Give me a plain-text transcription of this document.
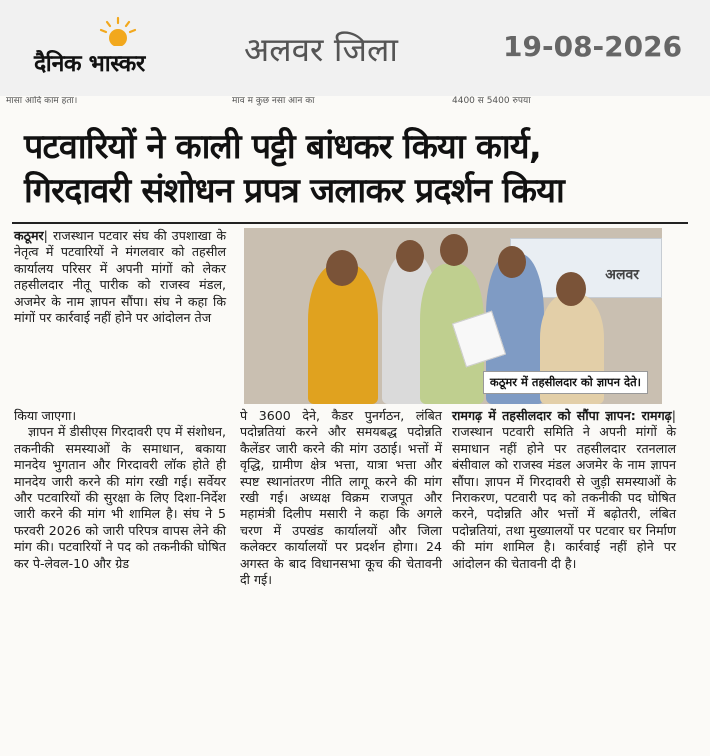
दैनिक भास्कर	अलवर जिला	19-08-2026
मासा आदि काम हता।	माव म कुछ नसा आन का	4400 स 5400 रुपया
पटवारियों ने काली पट्टी बांधकर किया कार्य,
गिरदावरी संशोधन प्रपत्र जलाकर प्रदर्शन किया

कठूमर| राजस्थान पटवार संघ की उपशाखा के नेतृत्व में पटवारियों ने मंगलवार को तहसील कार्यालय परिसर में अपनी मांगों को लेकर तहसीलदार नीतू पारीक को राजस्व मंडल, अजमेर के नाम ज्ञापन सौंपा। संघ ने कहा कि मांगों पर कार्रवाई नहीं होने पर आंदोलन तेज

अलवर
कठूमर में तहसीलदार को ज्ञापन देते।

किया जाएगा।

ज्ञापन में डीसीएस गिरदावरी एप में संशोधन, तकनीकी समस्याओं के समाधान, बकाया मानदेय भुगतान और गिरदावरी लॉक होते ही मानदेय जारी करने की मांग रखी गई। सर्वेयर और पटवारियों की सुरक्षा के लिए दिशा-निर्देश जारी करने की मांग भी शामिल है। संघ ने 5 फरवरी 2026 को जारी परिपत्र वापस लेने की मांग की। पटवारियों ने पद को तकनीकी घोषित कर पे-लेवल-10 और ग्रेड

पे 3600 देने, कैडर पुनर्गठन, लंबित पदोन्नतियां करने और समयबद्ध पदोन्नति कैलेंडर जारी करने की मांग उठाई। भत्तों में वृद्धि, ग्रामीण क्षेत्र भत्ता, यात्रा भत्ता और स्पष्ट स्थानांतरण नीति लागू करने की मांग रखी गई। अध्यक्ष विक्रम राजपूत और महामंत्री दिलीप मसारी ने कहा कि अगले चरण में उपखंड कार्यालयों और जिला कलेक्टर कार्यालयों पर प्रदर्शन होगा। 24 अगस्त के बाद विधानसभा कूच की चेतावनी दी गई।

रामगढ़ में तहसीलदार को सौंपा ज्ञापन: रामगढ़| राजस्थान पटवारी समिति ने अपनी मांगों के समाधान नहीं होने पर तहसीलदार रतनलाल बंसीवाल को राजस्व मंडल अजमेर के नाम ज्ञापन सौंपा। ज्ञापन में गिरदावरी से जुड़ी समस्याओं के निराकरण, पटवारी पद को तकनीकी पद घोषित करने, पदोन्नति और भत्तों में बढ़ोतरी, लंबित पदोन्नतियां, तथा मुख्यालयों पर पटवार घर निर्माण की मांग शामिल है। कार्रवाई नहीं होने पर आंदोलन की चेतावनी दी है।
